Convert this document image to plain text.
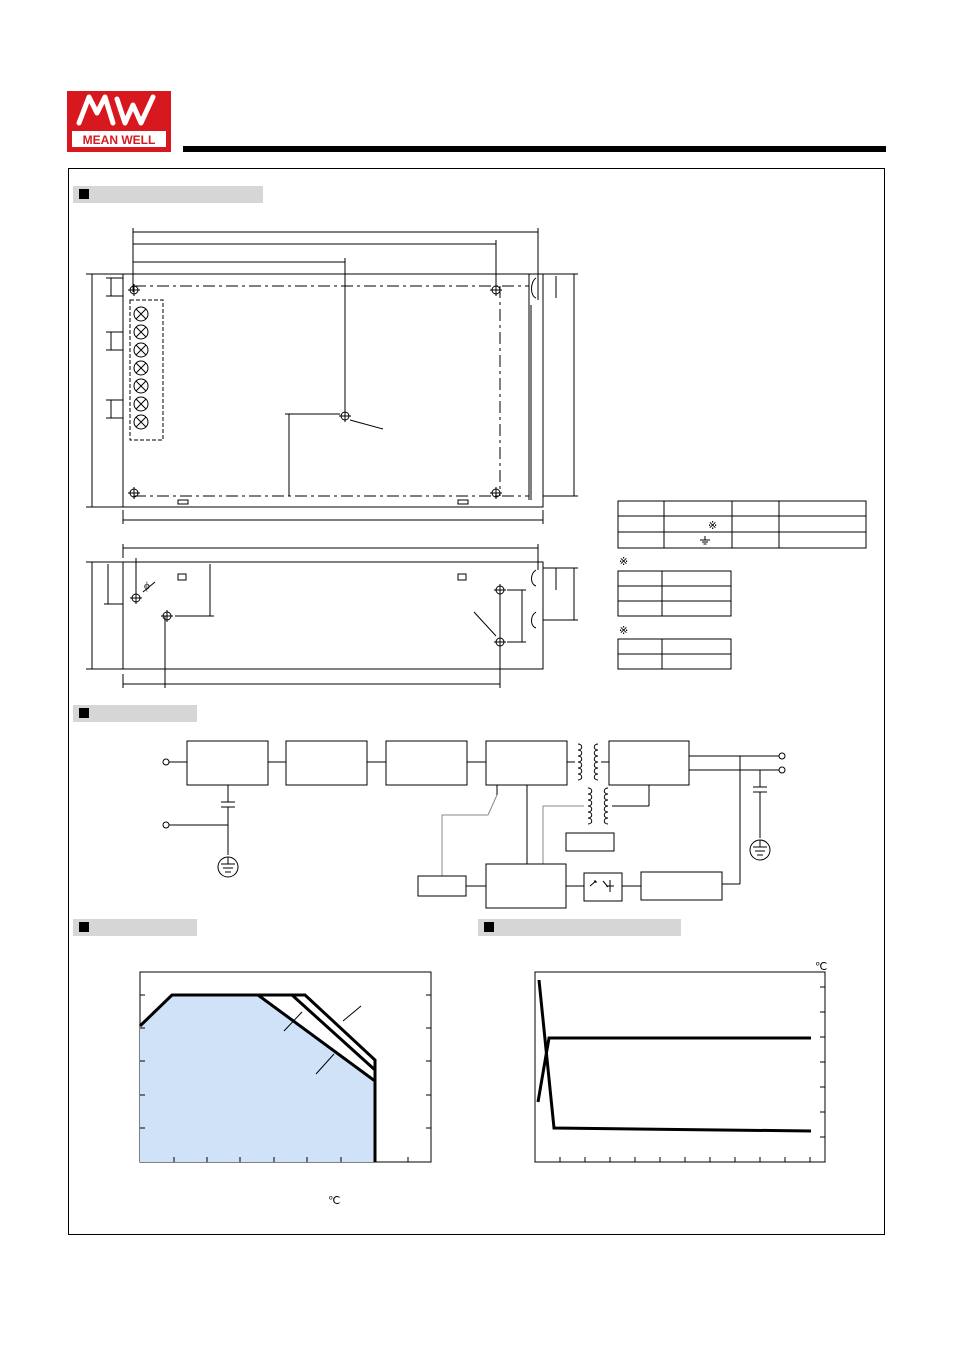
MEAN WELL
※
※
※
ϕ
℃
℃
